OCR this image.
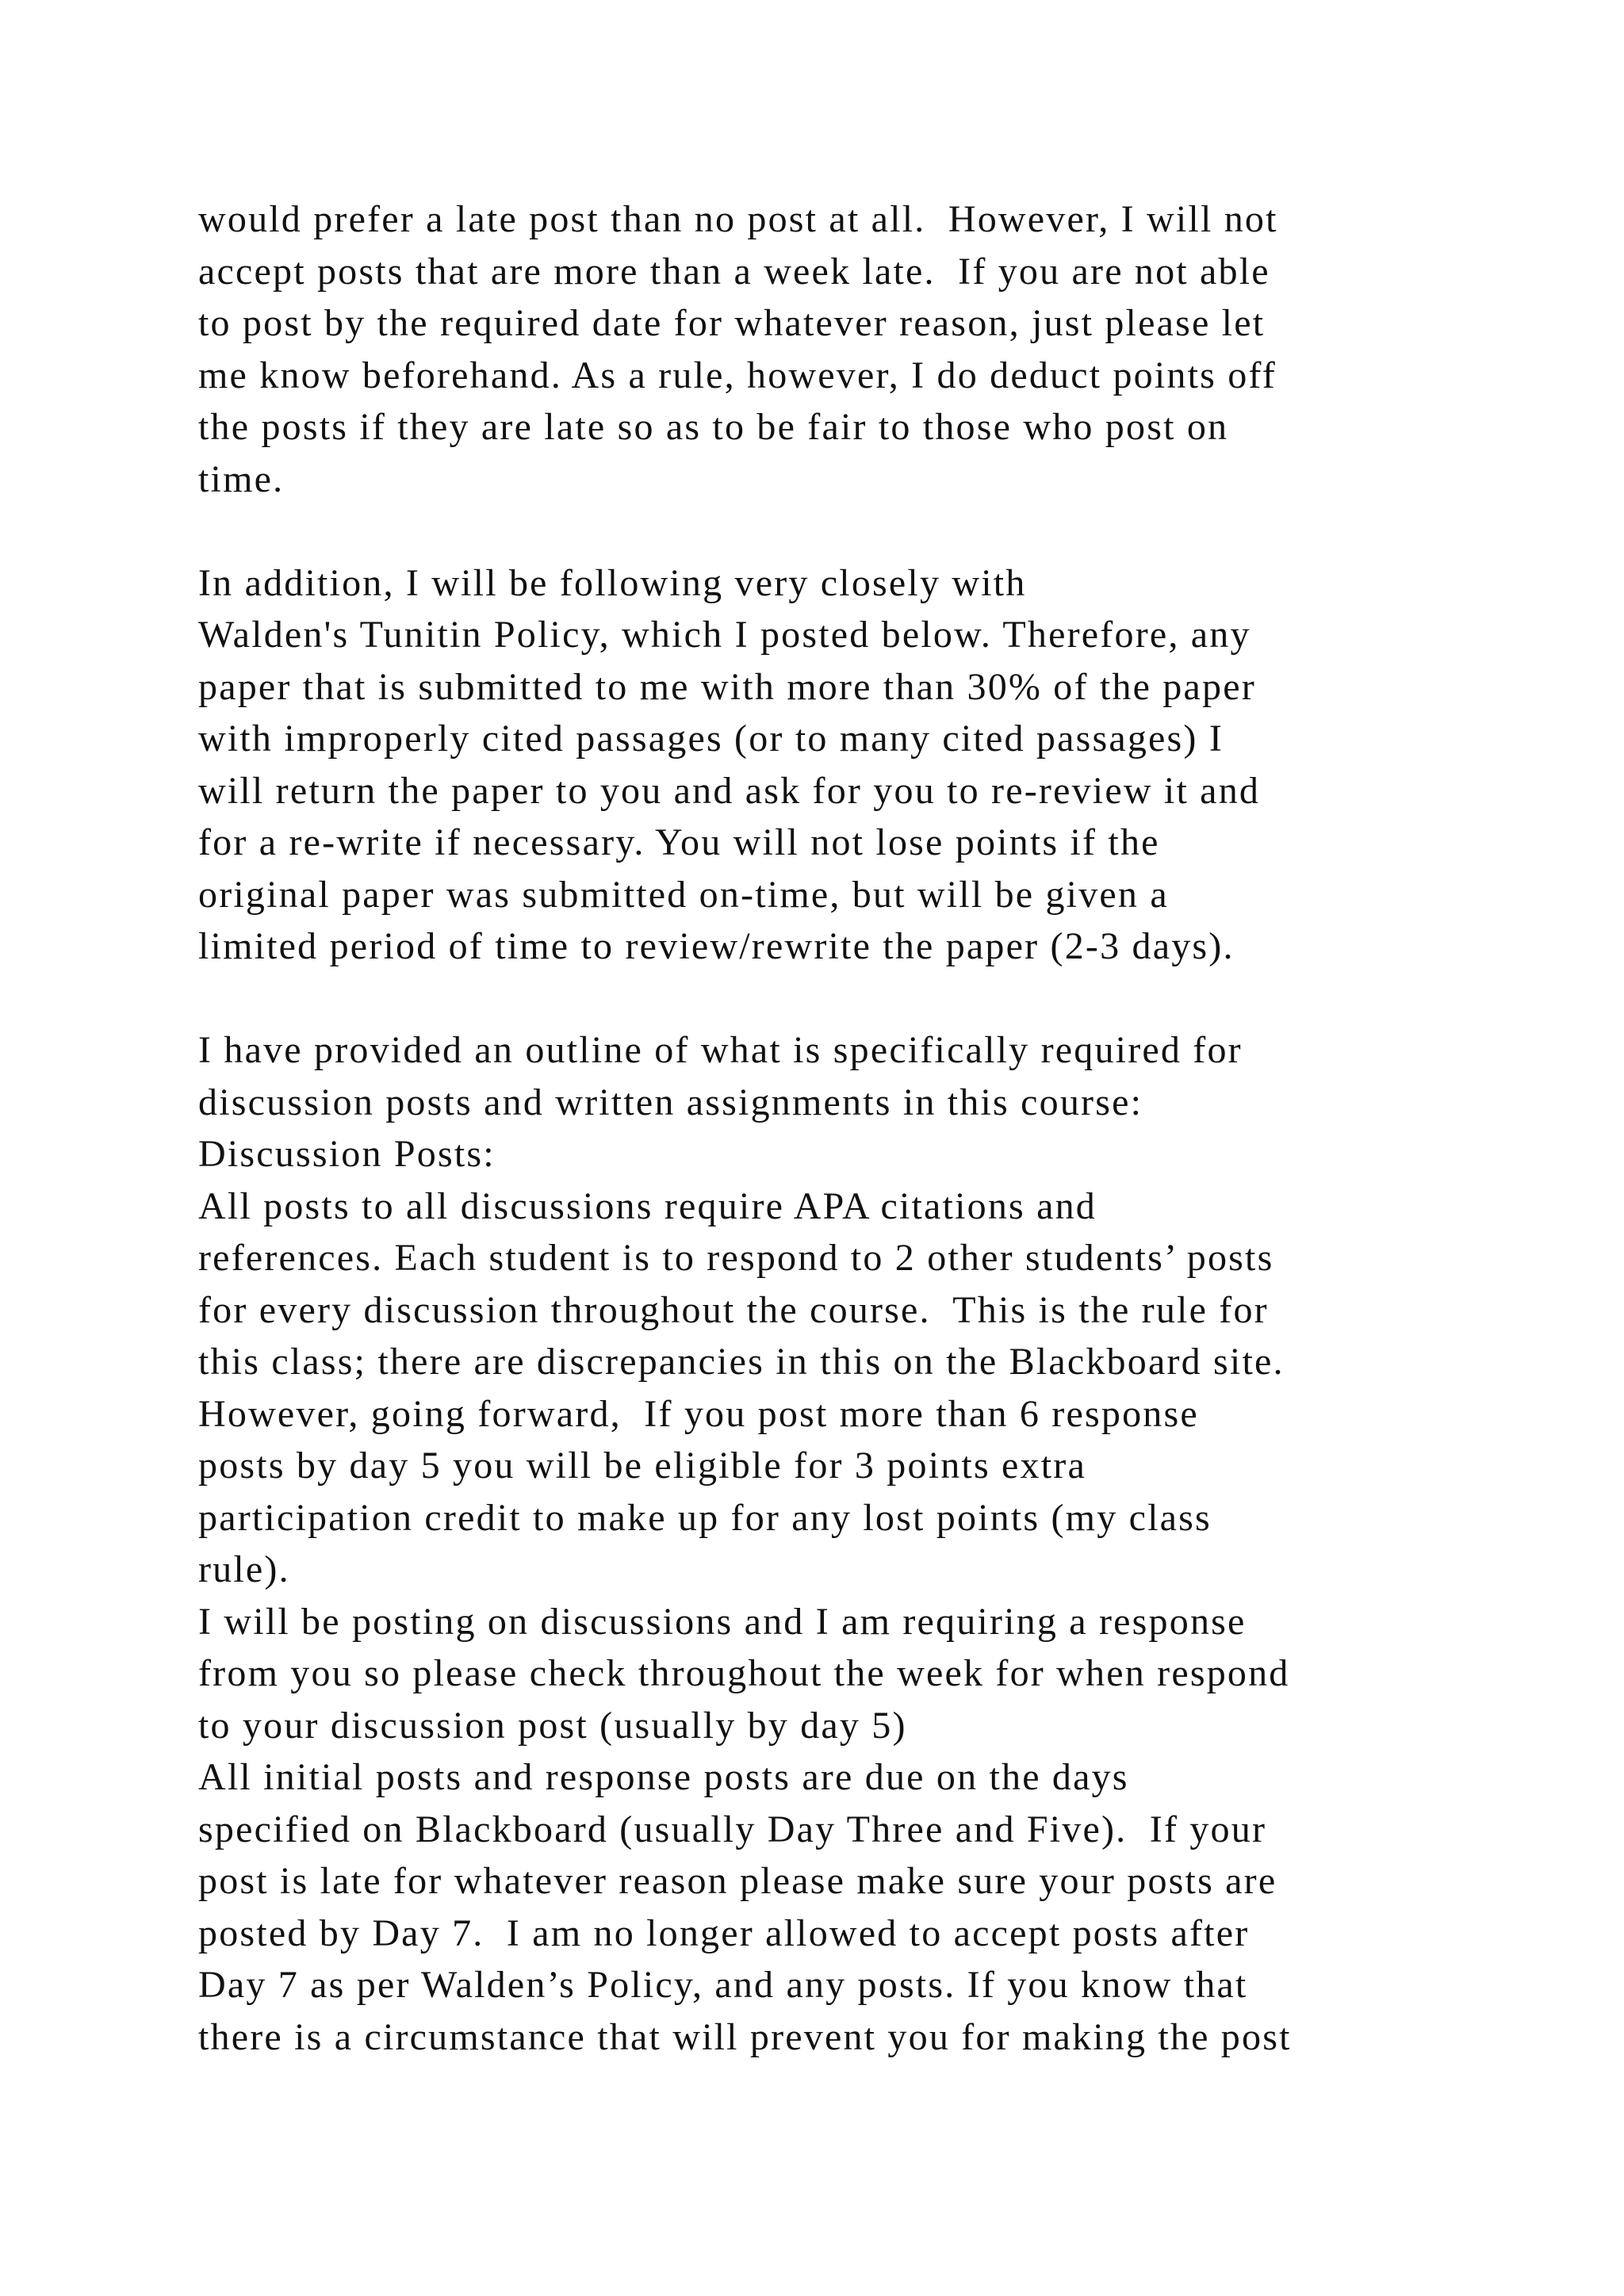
would prefer a late post than no post at all.  However, I will not
accept posts that are more than a week late.  If you are not able
to post by the required date for whatever reason, just please let
me know beforehand. As a rule, however, I do deduct points off
the posts if they are late so as to be fair to those who post on
time.
In addition, I will be following very closely with
Walden's Tunitin Policy, which I posted below. Therefore, any
paper that is submitted to me with more than 30% of the paper
with improperly cited passages (or to many cited passages) I
will return the paper to you and ask for you to re-review it and
for a re-write if necessary. You will not lose points if the
original paper was submitted on-time, but will be given a
limited period of time to review/rewrite the paper (2-3 days).
I have provided an outline of what is specifically required for
discussion posts and written assignments in this course:
Discussion Posts:
All posts to all discussions require APA citations and
references. Each student is to respond to 2 other students’ posts
for every discussion throughout the course.  This is the rule for
this class; there are discrepancies in this on the Blackboard site.
However, going forward,  If you post more than 6 response
posts by day 5 you will be eligible for 3 points extra
participation credit to make up for any lost points (my class
rule).
I will be posting on discussions and I am requiring a response
from you so please check throughout the week for when respond
to your discussion post (usually by day 5)
All initial posts and response posts are due on the days
specified on Blackboard (usually Day Three and Five).  If your
post is late for whatever reason please make sure your posts are
posted by Day 7.  I am no longer allowed to accept posts after
Day 7 as per Walden’s Policy, and any posts. If you know that
there is a circumstance that will prevent you for making the post
